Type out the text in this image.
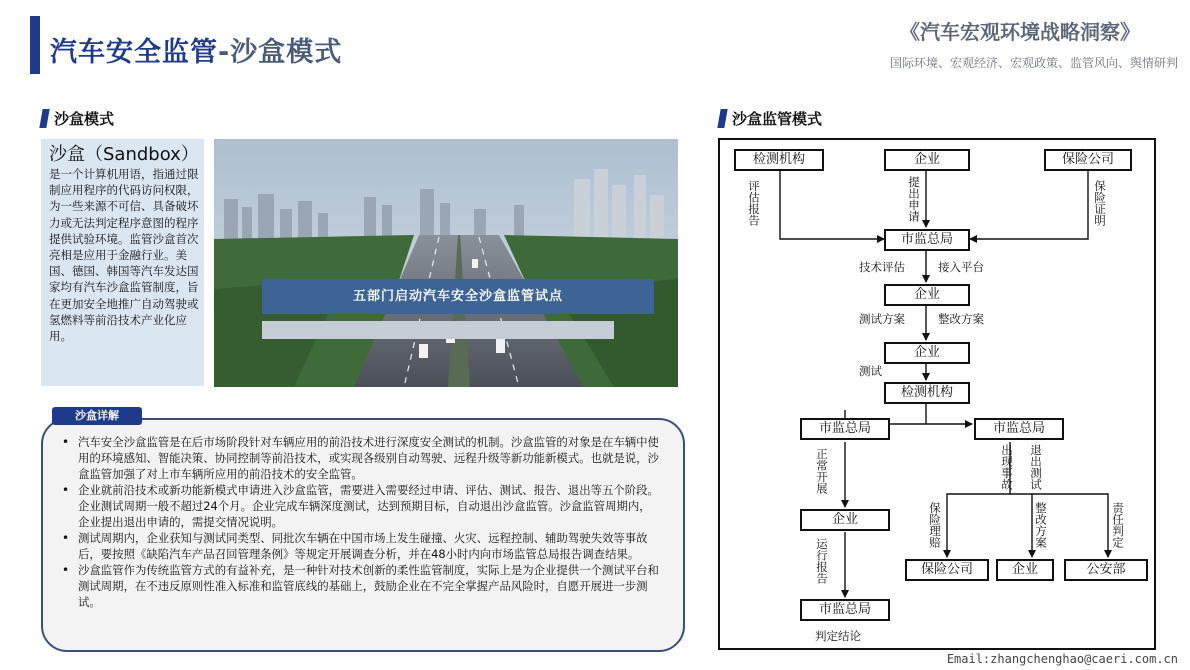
汽车安全监管-沙盒模式
《汽车宏观环境战略洞察》
国际环境、宏观经济、宏观政策、监管风向、舆情研判
沙盒模式
沙盒（Sandbox）
是一个计算机用语，指通过限制应用程序的代码访问权限，为一些来源不可信、具备破坏力或无法判定程序意图的程序提供试验环境。监管沙盒首次亮相是应用于金融行业。美国、德国、韩国等汽车发达国家均有汽车沙盒监管制度，旨在更加安全地推广自动驾驶或氢燃料等前沿技术产业化应用。
五部门启动汽车安全沙盒监管试点
沙盒详解
• 汽车安全沙盒监管是在后市场阶段针对车辆应用的前沿技术进行深度安全测试的机制。沙盒监管的对象是在车辆中使用的环境感知、智能决策、协同控制等前沿技术，或实现各级别自动驾驶、远程升级等新功能新模式。也就是说，沙盒监管加强了对上市车辆所应用的前沿技术的安全监管。
• 企业就前沿技术或新功能新模式申请进入沙盒监管，需要进入需要经过申请、评估、测试、报告、退出等五个阶段。企业测试周期一般不超过24个月。企业完成车辆深度测试，达到预期目标，自动退出沙盒监管。沙盒监管周期内，企业提出退出申请的，需提交情况说明。
• 测试周期内，企业获知与测试同类型、同批次车辆在中国市场上发生碰撞、火灾、远程控制、辅助驾驶失效等事故后，要按照《缺陷汽车产品召回管理条例》等规定开展调查分析，并在48小时内向市场监管总局报告调查结果。
• 沙盒监管作为传统监管方式的有益补充，是一种针对技术创新的柔性监管制度，实际上是为企业提供一个测试平台和测试周期，在不违反原则性准入标准和监管底线的基础上，鼓励企业在不完全掌握产品风险时，自愿开展进一步测试。
沙盒监管模式
检测机构	企业	保险公司
市监总局
企业
企业
检测机构
市监总局	市监总局
企业
市监总局
保险公司	企业	公安部
评估报告	提出申请	保险证明
技术评估	接入平台
测试方案	整改方案
测试
正常开展	出现事故 退出测试
保险理赔	整改方案	责任判定
运行报告
判定结论
Email:zhangchenghao@caeri.com.cn
